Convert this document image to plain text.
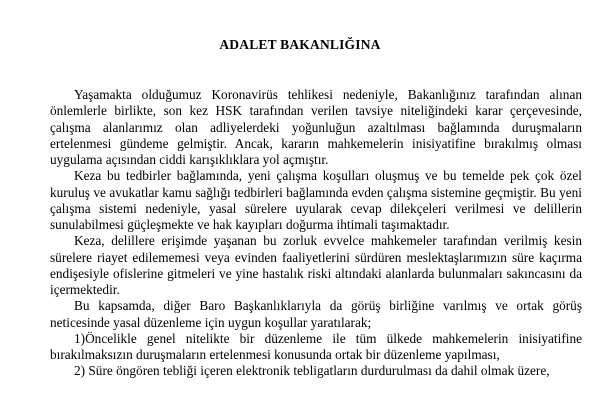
ADALET BAKANLIĞINA

Yaşamakta olduğumuz Koronavirüs tehlikesi nedeniyle, Bakanlığınız tarafından alınan önlemlerle birlikte, son kez HSK tarafından verilen tavsiye niteliğindeki karar çerçevesinde, çalışma alanlarımız olan adliyelerdeki yoğunluğun azaltılması bağlamında duruşmaların ertelenmesi gündeme gelmiştir. Ancak, kararın mahkemelerin inisiyatifine bırakılmış olması uygulama açısından ciddi karışıklıklara yol açmıştır.

Keza bu tedbirler bağlamında, yeni çalışma koşulları oluşmuş ve bu temelde pek çok özel kuruluş ve avukatlar kamu sağlığı tedbirleri bağlamında evden çalışma sistemine geçmiştir. Bu yeni çalışma sistemi nedeniyle, yasal sürelere uyularak cevap dilekçeleri verilmesi ve delillerin sunulabilmesi güçleşmekte ve hak kayıpları doğurma ihtimali taşımaktadır.

Keza, delillere erişimde yaşanan bu zorluk evvelce mahkemeler tarafından verilmiş kesin sürelere riayet edilememesi veya evinden faaliyetlerini sürdüren meslektaşlarımızın süre kaçırma endişesiyle ofislerine gitmeleri ve yine hastalık riski altındaki alanlarda bulunmaları sakıncasını da içermektedir.

Bu kapsamda, diğer Baro Başkanlıklarıyla da görüş birliğine varılmış ve ortak görüş neticesinde yasal düzenleme için uygun koşullar yaratılarak;

1)Öncelikle genel nitelikte bir düzenleme ile tüm ülkede mahkemelerin inisiyatifine bırakılmaksızın duruşmaların ertelenmesi konusunda ortak bir düzenleme yapılması,

2) Süre öngören tebliği içeren elektronik tebligatların durdurulması da dahil olmak üzere,
